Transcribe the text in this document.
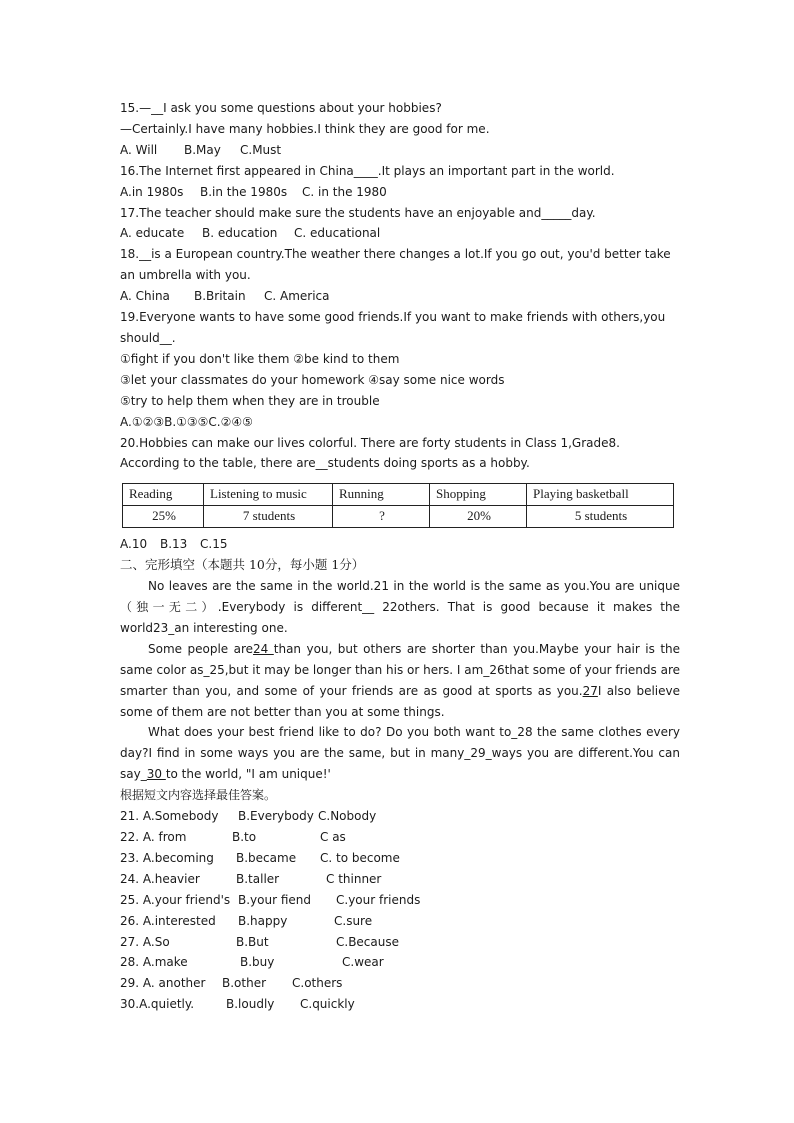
15.—__I ask you some questions about your hobbies?
—Certainly.I have many hobbies.I think they are good for me.
A. Will B.May C.Must
16.The Internet first appeared in China____.It plays an important part in the world.
A.in 1980s B.in the 1980s C. in the 1980
17.The teacher should make sure the students have an enjoyable and_____day.
A. educate B. education C. educational
18.__is a European country.The weather there changes a lot.If you go out, you'd better take an umbrella with you.
A. China B.Britain C. America
19.Everyone wants to have some good friends.If you want to make friends with others,you should__.
①fight if you don't like them ②be kind to them
③let your classmates do your homework ④say some nice words
⑤try to help them when they are in trouble
A.①②③B.①③⑤C.②④⑤
20.Hobbies can make our lives colorful. There are forty students in Class 1,Grade8.
According to the table, there are__students doing sports as a hobby.
Reading	Listening to music	Running	Shopping	Playing basketball
25%	7 students	?	20%	5 students
A.10 B.13 C.15
二、完形填空（本题共 10分，每小题 1分）
No leaves are the same in the world.21 in the world is the same as you.You are unique（独一无二）.Everybody is different__ 22others. That is good because it makes the world23_an interesting one.
Some people are24 than you, but others are shorter than you.Maybe your hair is the same color as_25,but it may be longer than his or hers. I am_26that some of your friends are smarter than you, and some of your friends are as good at sports as you.27I also believe some of them are not better than you at some things.
What does your best friend like to do? Do you both want to_28 the same clothes every day?I find in some ways you are the same, but in many_29_ways you are different.You can say_30 to the world, "I am unique!'
根据短文内容选择最佳答案。
21. A.Somebody B.Everybody C.Nobody
22. A. from	B.to	C as
23. A.becoming B.became C. to become
24. A.heavier	B.taller	C thinner
25. A.your friend's B.your fiend C.your friends
26. A.interested B.happy	C.sure
27. A.So	B.But	C.Because
28. A.make	B.buy	C.wear
29. A. another B.other C.others
30.A.quietly.	B.loudly C.quickly
